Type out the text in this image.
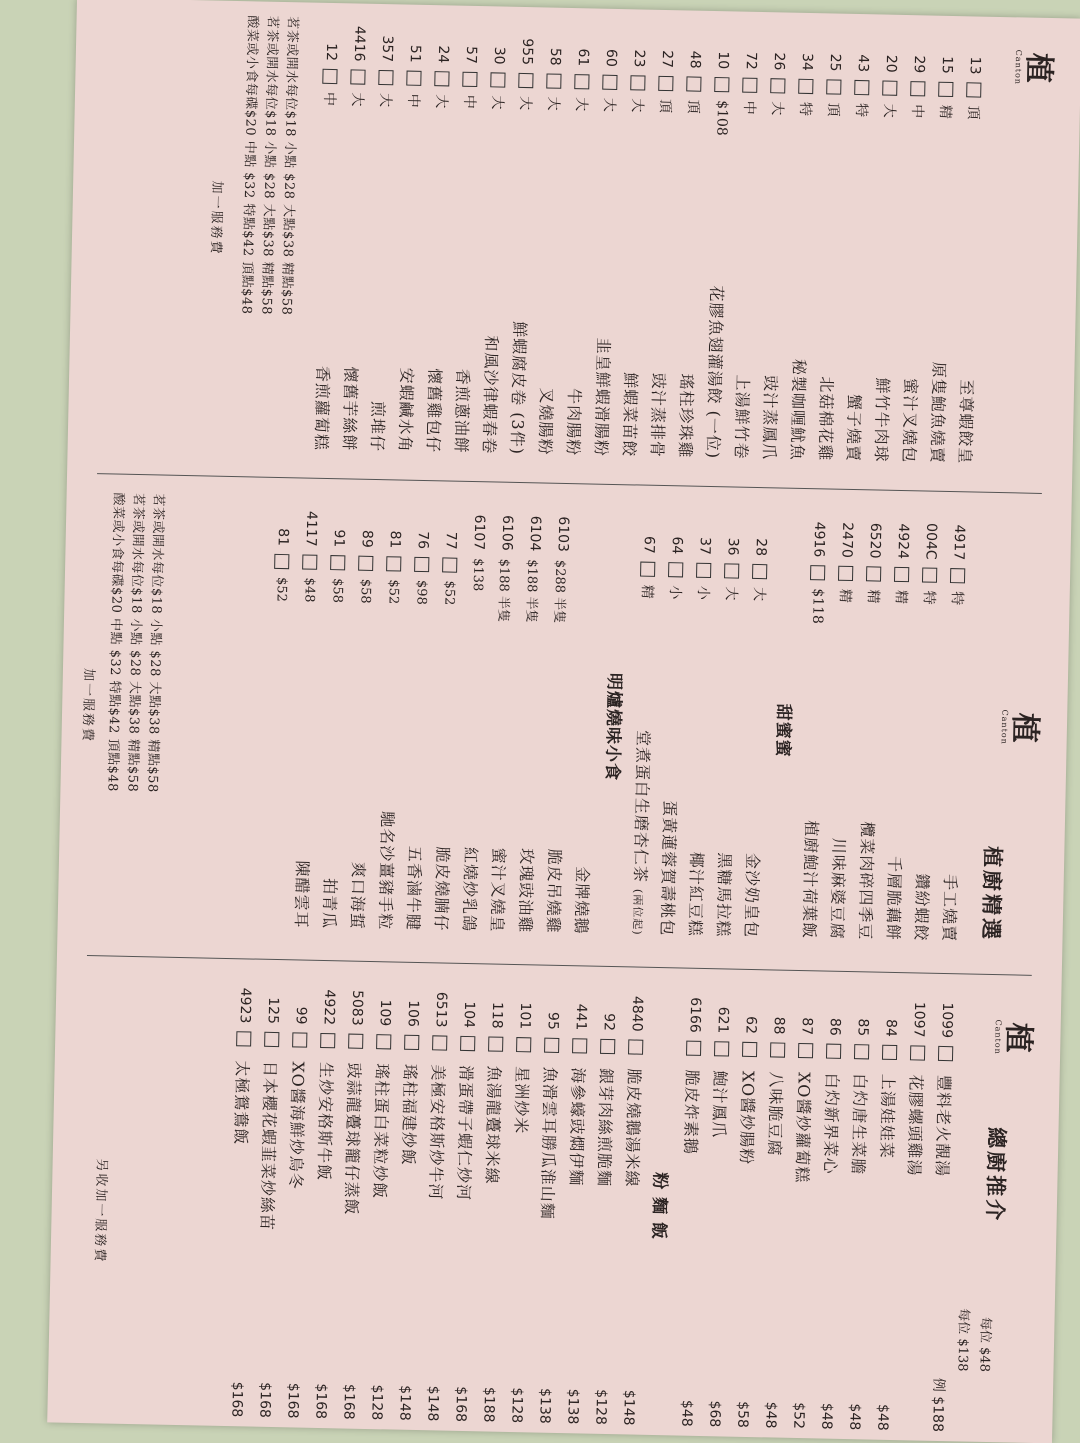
植
Canton
13
頂
至尊蝦餃皇
15
精
原隻鮑魚燒賣
29
中
蜜汁叉燒包
20
大
鮮竹牛肉球
43
特
蟹子燒賣
25
頂
北菇棉花雞
34
特
秘製咖喱魷魚
26
大
豉汁蒸鳳爪
72
中
上湯鮮竹卷
10
$108
花膠魚翅灌湯餃 (一位)
48
頂
瑤柱珍珠雞
27
頂
豉汁蒸排骨
23
大
鮮蝦菜苗餃
60
大
韭皇鮮蝦滑腸粉
61
大
牛肉腸粉
58
大
叉燒腸粉
955
大
鮮蝦腐皮卷 (3件)
30
大
和風沙律蝦春卷
57
中
香煎蔥油餅
24
大
懷舊雞包仔
51
中
安蝦鹹水角
357
大
煎堆仔
4416
大
懷舊芋絲餅
12
中
香煎蘿蔔糕
茗茶或開水每位$18 小點 $28 大點$38 精點$58
茗茶或開水每位$18 小點 $28 大點$38 精點$58
酸菜或小食每碟$20 中點 $32 特點$42 頂點$48
加一服務費
植
Canton
植廚精選
4917
特
手工燒賣
004C
特
鑽紛蝦餃
4924
精
千層脆藕餅
6520
精
欖菜肉碎四季豆
2470
精
川味麻婆豆腐
4916
$118
植廚鮑汁荷葉飯
甜蜜蜜
28
大
金沙奶皇包
36
大
黑糖馬拉糕
37
小
椰汁紅豆糕
64
小
蛋黃蓮蓉賀壽桃包
67
精
堂煮蛋白生磨杏仁茶 (兩位起)
明爐燒味小食
金牌燒鵝
6103
$288 半隻
脆皮吊燒雞
6104
$188 半隻
玫瑰豉油雞
6106
$188 半隻
蜜汁叉燒皇
6107
$138
紅燒炒乳鴿
77
$52
脆皮燒腩仔
76
$98
五香滷牛腱
81
$52
馳名沙薑豬手粒
89
$58
爽口海蜇
91
$58
拍青瓜
4117
$48
陳醋雲耳
81
$52
茗茶或開水每位$18 小點 $28 大點$38 精點$58
茗茶或開水每位$18 小點 $28 大點$38 精點$58
酸菜或小食每碟$20 中點 $32 特點$42 頂點$48
加一服務費
植
Canton
總廚推介
每位 $48
每位 $138
1099
豐料老火靚湯
例 $188
1097
花膠螺頭雞湯
84
上湯娃娃菜
$48
85
白灼唐生菜膽
$48
86
白灼新界菜心
$48
87
XO醬炒蘿蔔糕
$52
88
八味脆豆腐
$48
62
XO醬炒腸粉
$58
621
鮑汁鳳爪
$68
6166
脆皮炸素鵝
$48
粉 麵 飯
4840
脆皮燒鵝湯米線
$148
92
銀芽肉絲煎脆麵
$128
441
海參蠔豉燜伊麵
$138
95
魚滑雲耳勝瓜淮山麵
$138
101
星洲炒米
$128
118
魚湯龍躉球米線
$188
104
滑蛋帶子蝦仁炒河
$168
6513
美極安格斯炒牛河
$148
106
瑤柱福建炒飯
$148
109
瑤柱蛋白菜粒炒飯
$128
5083
豉蒜龍躉球籠仔蒸飯
$168
4922
生炒安格斯牛飯
$168
99
XO醬海鮮炒烏冬
$168
125
日本櫻花蝦韮菜炒絲苗
$168
4923
太極鴛鴦飯
$168
另收加一服務費
